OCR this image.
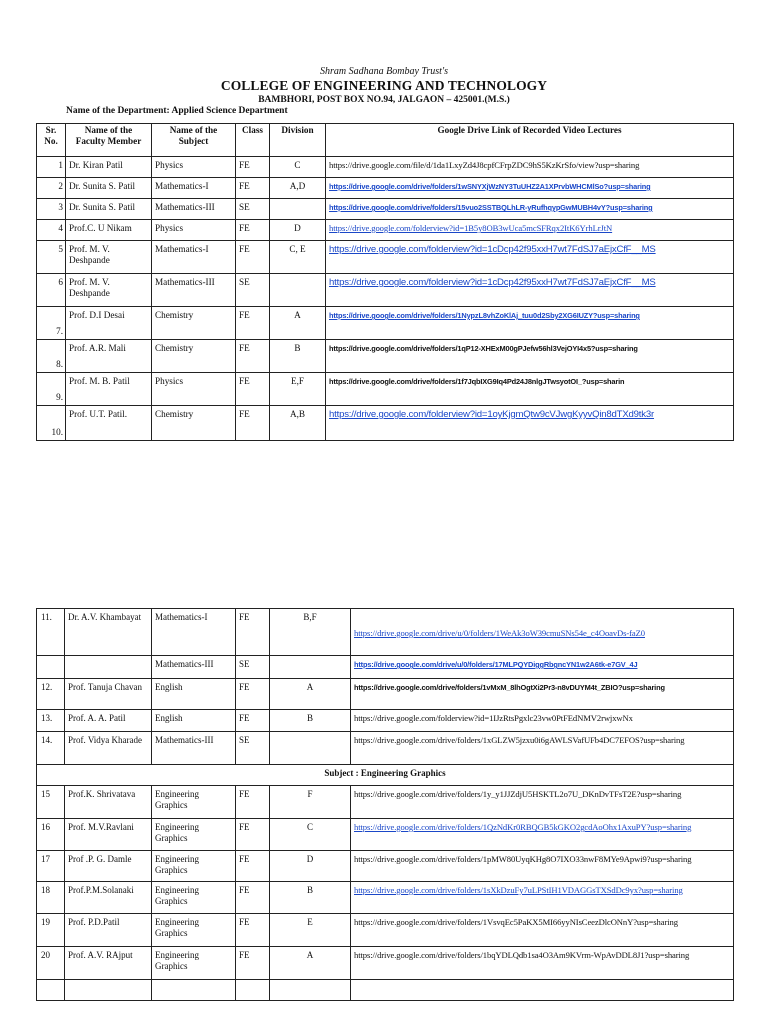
Shram Sadhana Bombay Trust's
COLLEGE OF ENGINEERING AND TECHNOLOGY
BAMBHORI, POST BOX NO.94, JALGAON – 425001.(M.S.)
Name of the Department: Applied Science Department
Sr. No.	Name of the Faculty Member	Name of the Subject	Class	Division	Google Drive Link of Recorded Video Lectures
1	Dr. Kiran Patil	Physics	FE	C	https://drive.google.com/file/d/1da1LxyZd4J8cpfCFrpZDC9hS5KzKrSfo/view?usp=sharing
2	Dr. Sunita S. Patil	Mathematics-I	FE	A,D	https://drive.google.com/drive/folders/1wSNYXjWzNY3TuUHZ2A1XPrvbWHCMlSo?usp=sharing
3	Dr. Sunita S. Patil	Mathematics-III	SE		https://drive.google.com/drive/folders/15vuo2SSTBQLhLR-yRufhqypGwMUBH4vY?usp=sharing
4	Prof.C. U Nikam	Physics	FE	D	https://drive.google.com/folderview?id=1B5y8OB3wUca5mcSFRqx2ItK6YrhLrJtN
5	Prof. M. V. Deshpande	Mathematics-I	FE	C, E	https://drive.google.com/folderview?id=1cDcp42f95xxH7wt7FdSJ7aEjxCfF__MS
6	Prof. M. V. Deshpande	Mathematics-III	SE		https://drive.google.com/folderview?id=1cDcp42f95xxH7wt7FdSJ7aEjxCfF__MS
7.	Prof. D.I Desai	Chemistry	FE	A	https://drive.google.com/drive/folders/1NypzL8vhZoKlAj_tuu0d2Sby2XG6IUZY?usp=sharing
8.	Prof. A.R. Mali	Chemistry	FE	B	https://drive.google.com/drive/folders/1qP12-XHExM00gPJefw56hl3VejOYI4x5?usp=sharing
9.	Prof. M. B. Patil	Physics	FE	E,F	https://drive.google.com/drive/folders/1f7JqbIXG9Iq4Pd24J8nlgJTwsyotOI_?usp=sharin
10.	Prof. U.T. Patil.	Chemistry	FE	A,B	https://drive.google.com/folderview?id=1oyKjgmQtw9cVJwgKyyvQin8dTXd9tk3r
11.	Dr. A.V. Khambayat	Mathematics-I	FE	B,F	https://drive.google.com/drive/u/0/folders/1WeAk3oW39cmuSNs54e_c4OoavDs-faZ0
		Mathematics-III	SE		https://drive.google.com/drive/u/0/folders/17MLPQYDiggRbgncYN1w2A6tk-e7GV_4J
12.	Prof. Tanuja Chavan	English	FE	A	https://drive.google.com/drive/folders/1vMxM_8lhOgtXi2Pr3-n8vDUYM4t_ZBIO?usp=sharing
13.	Prof. A. A. Patil	English	FE	B	https://drive.google.com/folderview?id=1IJzRtsPgxlc23vw0PtFEdNMV2rwjxwNx
14.	Prof. Vidya Kharade	Mathematics-III	SE		https://drive.google.com/drive/folders/1xGLZW5jzxu0i6gAWLSVafUFb4DC7EFOS?usp=sharing
Subject : Engineering Graphics					
15	Prof.K. Shrivatava	Engineering Graphics	FE	F	https://drive.google.com/drive/folders/1y_y1JJZdjU5HSKTL2o7U_DKnDvTFsT2E?usp=sharing
16	Prof. M.V.Ravlani	Engineering Graphics	FE	C	https://drive.google.com/drive/folders/1QzNdKr0RBQGB5kGKO2gcdAoOhx1AxuPY?usp=sharing
17	Prof .P. G. Damle	Engineering Graphics	FE	D	https://drive.google.com/drive/folders/1pMW80UyqKHg8O7IXO33nwF8MYe9Apwi9?usp=sharing
18	Prof.P.M.Solanaki	Engineering Graphics	FE	B	https://drive.google.com/drive/folders/1sXkDzuFy7uLPStIH1VDAGGsTXSdDc9yx?usp=sharing
19	Prof. P.D.Patil	Engineering Graphics	FE	E	https://drive.google.com/drive/folders/1VsvqEc5PaKX5MI66yyNIsCeezDlcONnY?usp=sharing
20	Prof. A.V. RAjput	Engineering Graphics	FE	A	https://drive.google.com/drive/folders/1bqYDLQdb1sa4O3Am9KVrm-WpAvDDL8J1?usp=sharing
